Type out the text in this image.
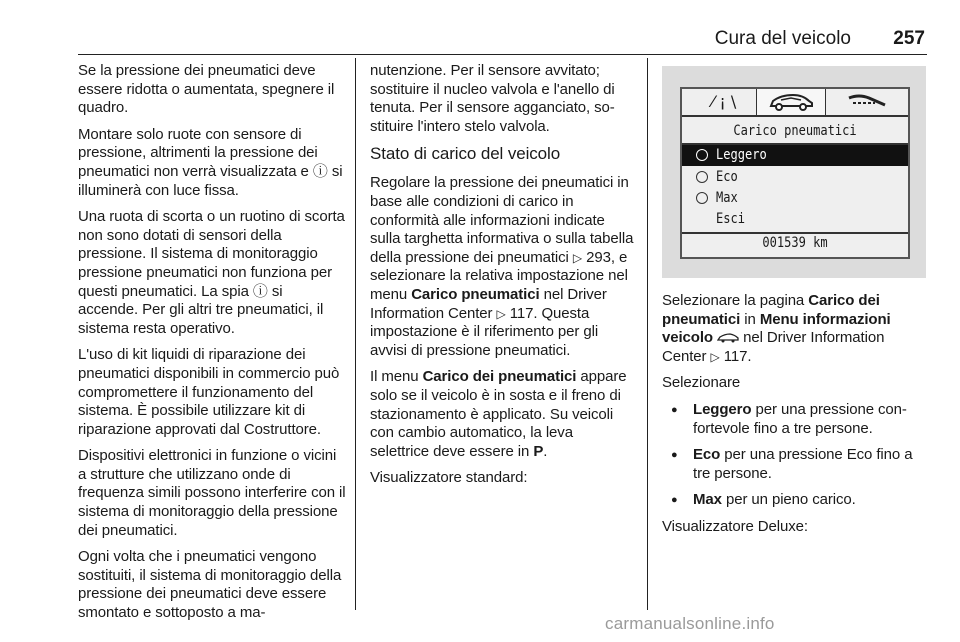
Cura del veicolo 257

Se la pressione dei pneumatici deve essere ridotta o aumentata, spegnere il quadro.

Montare solo ruote con sensore di pressione, altrimenti la pressione dei pneumatici non verrà visualizzata e ⓘ si illuminerà con luce fissa.

Una ruota di scorta o un ruotino di scorta non sono dotati di sensori della pressione. Il sistema di monitoraggio pressione pneumatici non funziona per questi pneumatici. La spia ⓘ si accende. Per gli altri tre pneumatici, il sistema resta operativo.

L'uso di kit liquidi di riparazione dei pneumatici disponibili in commercio può compromettere il funzionamento del sistema. È possibile utilizzare kit di riparazione approvati dal Costruttore.

Dispositivi elettronici in funzione o vicini a strutture che utilizzano onde di frequenza simili possono interferire con il sistema di monitoraggio della pressione dei pneumatici.

Ogni volta che i pneumatici vengono sostituiti, il sistema di monitoraggio della pressione dei pneumatici deve essere smontato e sottoposto a ma-

nutenzione. Per il sensore avvitato; sostituire il nucleo valvola e l'anello di tenuta. Per il sensore agganciato, sostituire l'intero stelo valvola.

Stato di carico del veicolo

Regolare la pressione dei pneumatici in base alle condizioni di carico in conformità alle informazioni indicate sulla targhetta informativa o sulla tabella della pressione dei pneumatici ▷ 293, e selezionare la relativa impostazione nel menu Carico pneumatici nel Driver Information Center ▷ 117. Questa impostazione è il riferimento per gli avvisi di pressione pneumatici.

Il menu Carico dei pneumatici appare solo se il veicolo è in sosta e il freno di stazionamento è applicato. Su veicoli con cambio automatico, la leva selettrice deve essere in P.

Visualizzatore standard:

⁄ ¡ \
Carico pneumatici
Leggero
Eco
Max
Esci
001539 km

Selezionare la pagina Carico dei pneumatici in Menu informazioni veicolo  nel Driver Information Center ▷ 117.

Selezionare

● Leggero per una pressione confortevole fino a tre persone.
● Eco per una pressione Eco fino a tre persone.
● Max per un pieno carico.

Visualizzatore Deluxe:

carmanualsonline.info
